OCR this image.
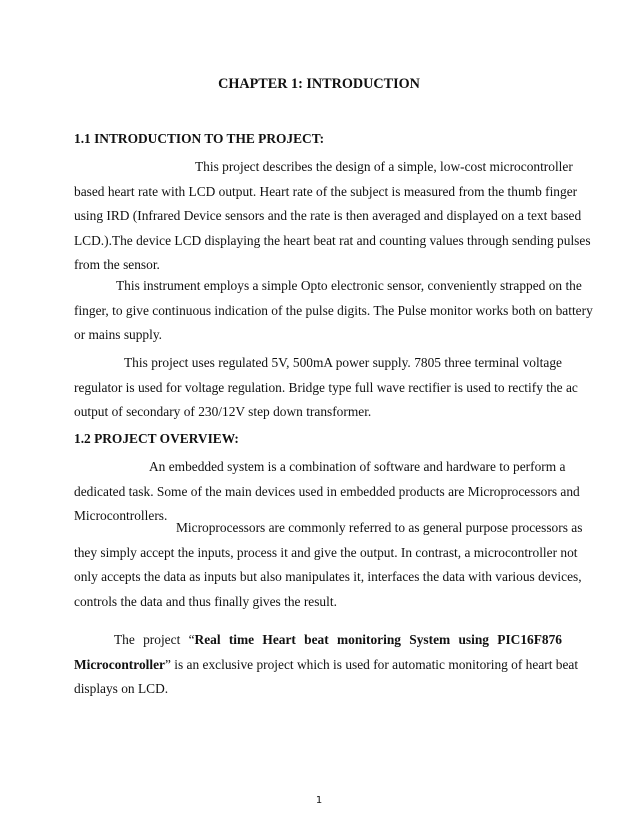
CHAPTER 1: INTRODUCTION
1.1 INTRODUCTION TO THE PROJECT:
This project describes the design of a simple, low-cost microcontroller
based heart rate with LCD output. Heart rate of the subject is measured from the thumb finger
using IRD (Infrared Device sensors and the rate is then averaged and displayed on a text based
LCD.).The device LCD displaying the heart beat rat and counting values through sending pulses
from the sensor.
This instrument employs a simple Opto electronic sensor, conveniently strapped on the
finger, to give continuous indication of the pulse digits. The Pulse monitor works both on battery
or mains supply.
This project uses regulated 5V, 500mA power supply. 7805 three terminal voltage
regulator is used for voltage regulation. Bridge type full wave rectifier is used to rectify the ac
output of secondary of 230/12V step down transformer.
1.2 PROJECT OVERVIEW:
An embedded system is a combination of software and hardware to perform a
dedicated task. Some of the main devices used in embedded products are Microprocessors and
Microcontrollers.
Microprocessors are commonly referred to as general purpose processors as
they simply accept the inputs, process it and give the output. In contrast, a microcontroller not
only accepts the data as inputs but also manipulates it, interfaces the data with various devices,
controls the data and thus finally gives the result.
The project “Real time Heart beat monitoring System using PIC16F876
Microcontroller” is an exclusive project which is used for automatic monitoring of heart beat
displays on LCD.
1
